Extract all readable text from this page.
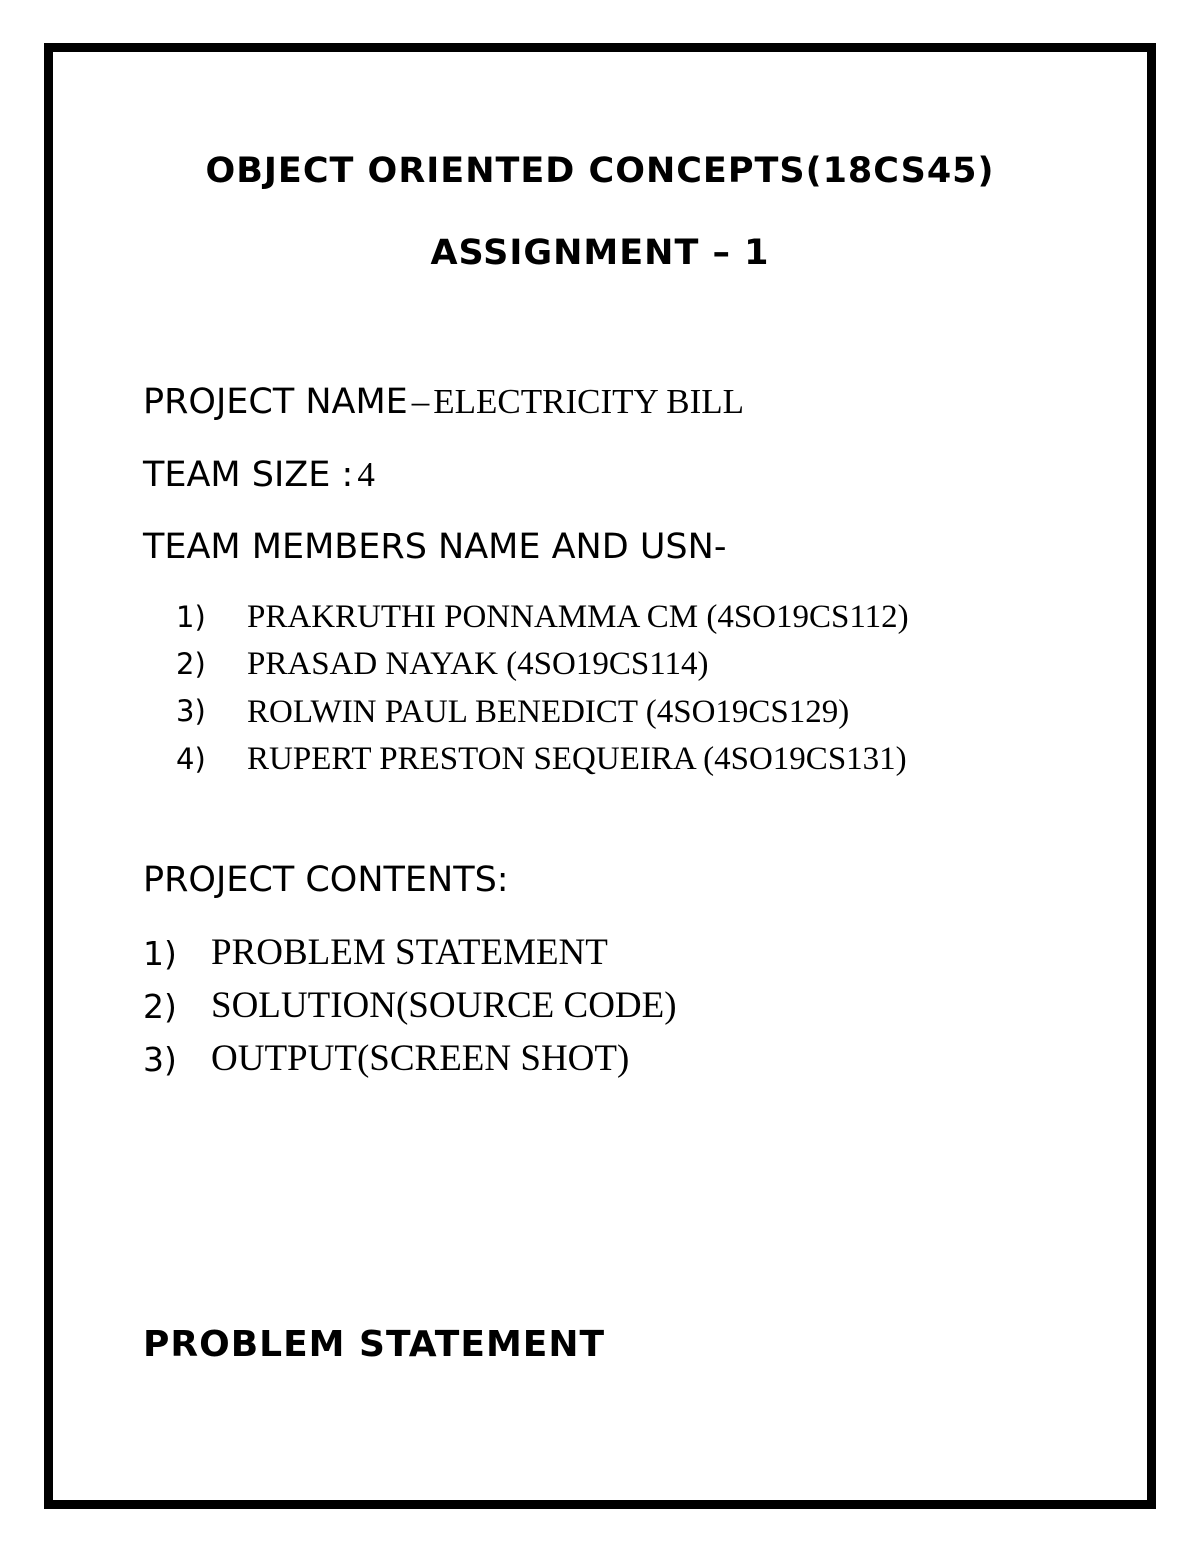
OBJECT ORIENTED CONCEPTS(18CS45)
ASSIGNMENT – 1
PROJECT NAME – ELECTRICITY BILL
TEAM SIZE : 4
TEAM MEMBERS NAME AND USN-
1) PRAKRUTHI PONNAMMA CM (4SO19CS112)
2) PRASAD NAYAK (4SO19CS114)
3) ROLWIN PAUL BENEDICT (4SO19CS129)
4) RUPERT PRESTON SEQUEIRA (4SO19CS131)
PROJECT CONTENTS:
1) PROBLEM STATEMENT
2) SOLUTION(SOURCE CODE)
3) OUTPUT(SCREEN SHOT)
PROBLEM STATEMENT
